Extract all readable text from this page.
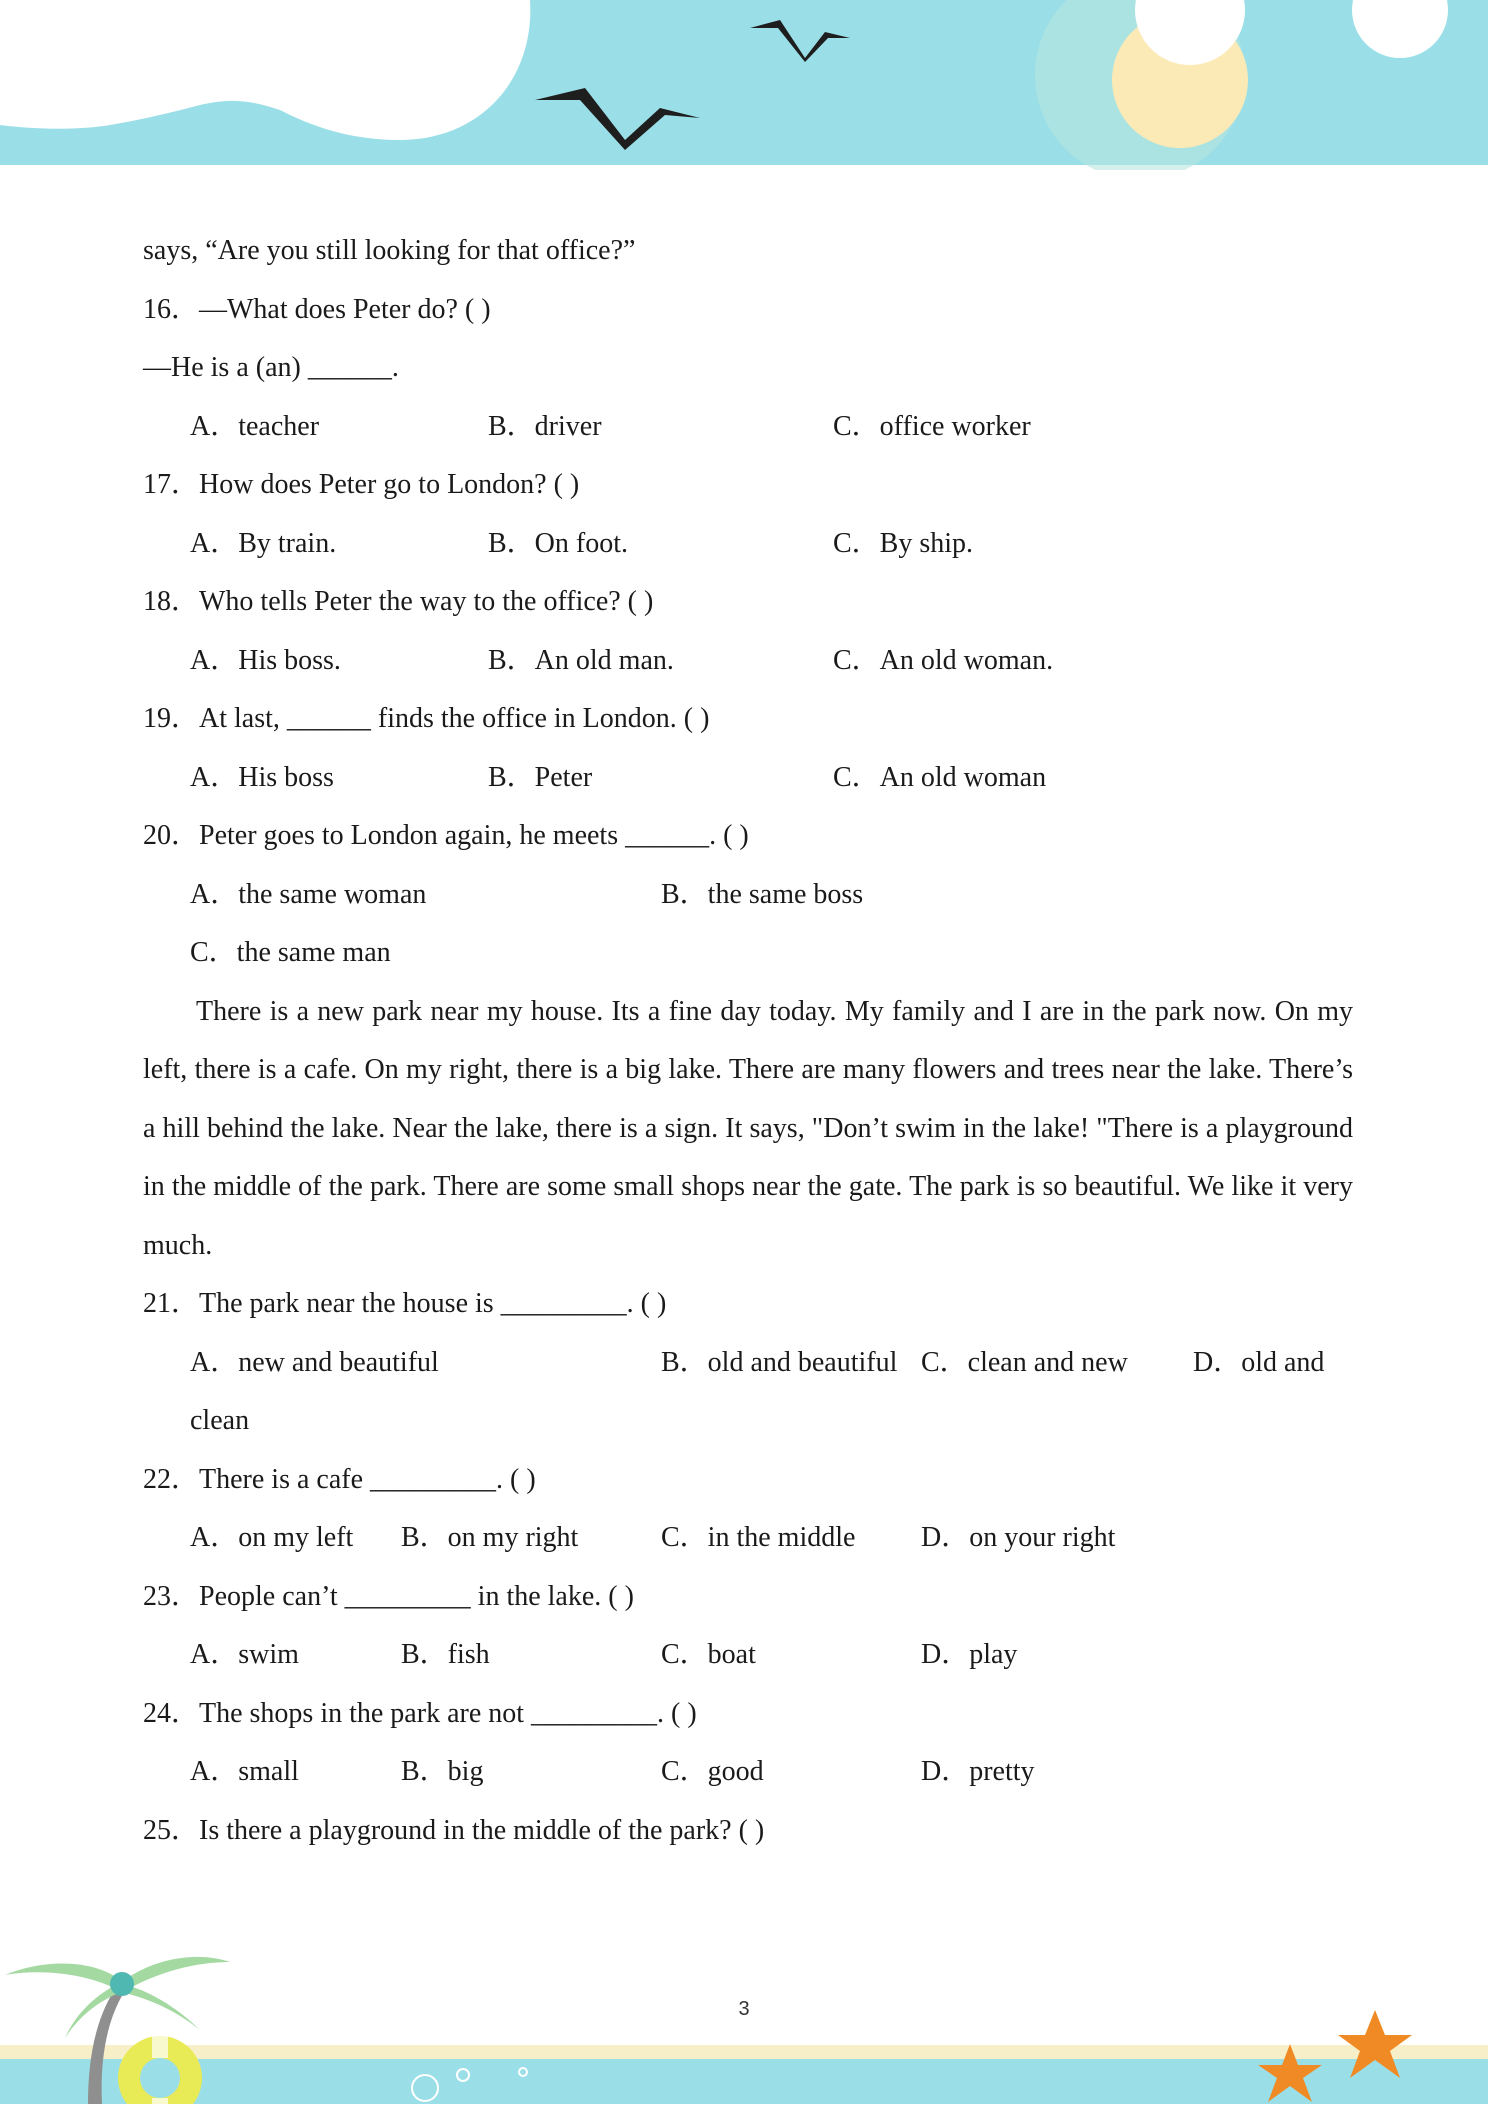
says, “Are you still looking for that office?”
16．—What does Peter do? ( )
—He is a (an) ______.
A．teacher	B．driver	C．office worker
17．How does Peter go to London? ( )
A．By train.	B．On foot.	C．By ship.
18．Who tells Peter the way to the office? ( )
A．His boss.	B．An old man.	C．An old woman.
19．At last, ______ finds the office in London. ( )
A．His boss	B．Peter	C．An old woman
20．Peter goes to London again, he meets ______. ( )
A．the same woman	B．the same boss
C．the same man

There is a new park near my house. Its a fine day today. My family and I are in the park now. On my left, there is a cafe. On my right, there is a big lake. There are many flowers and trees near the lake. There’s a hill behind the lake. Near the lake, there is a sign. It says, "Don’t swim in the lake! "There is a playground in the middle of the park. There are some small shops near the gate. The park is so beautiful. We like it very much.

21．The park near the house is _________. ( )
A．new and beautiful	B．old and beautiful C．clean and new D．old and
clean
22．There is a cafe _________. ( )
A．on my left B．on my right	C．in the middle D．on your right
23．People can’t _________ in the lake. ( )
A．swim	B．fish	C．boat	D．play
24．The shops in the park are not _________. ( )
A．small	B．big	C．good	D．pretty
25．Is there a playground in the middle of the park? ( )
3
